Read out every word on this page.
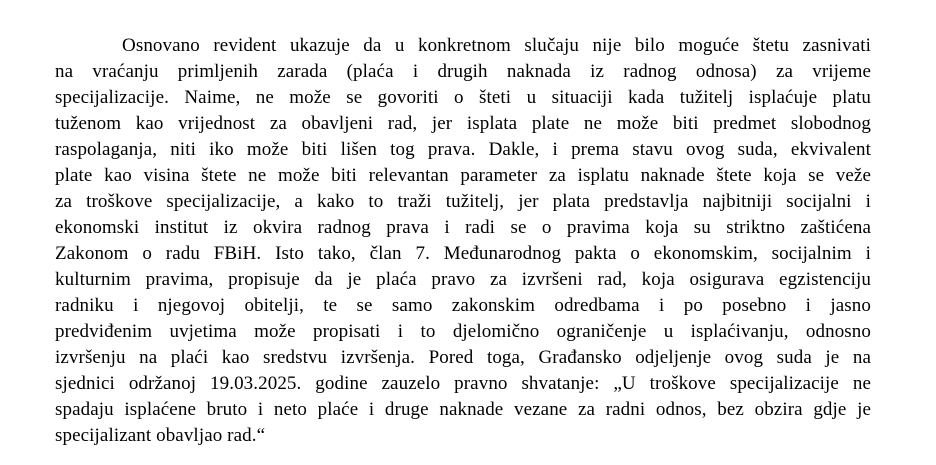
Osnovano revident ukazuje da u konkretnom slučaju nije bilo moguće štetu zasnivati
na vraćanju primljenih zarada (plaća i drugih naknada iz radnog odnosa) za vrijeme
specijalizacije. Naime, ne može se govoriti o šteti u situaciji kada tužitelj isplaćuje platu
tuženom kao vrijednost za obavljeni rad, jer isplata plate ne može biti predmet slobodnog
raspolaganja, niti iko može biti lišen tog prava. Dakle, i prema stavu ovog suda, ekvivalent
plate kao visina štete ne može biti relevantan parameter za isplatu naknade štete koja se veže
za troškove specijalizacije, a kako to traži tužitelj, jer plata predstavlja najbitniji socijalni i
ekonomski institut iz okvira radnog prava i radi se o pravima koja su striktno zaštićena
Zakonom o radu FBiH. Isto tako, član 7. Međunarodnog pakta o ekonomskim, socijalnim i
kulturnim pravima, propisuje da je plaća pravo za izvršeni rad, koja osigurava egzistenciju
radniku i njegovoj obitelji, te se samo zakonskim odredbama i po posebno i jasno
predviđenim uvjetima može propisati i to djelomično ograničenje u isplaćivanju, odnosno
izvršenju na plaći kao sredstvu izvršenja. Pored toga, Građansko odjeljenje ovog suda je na
sjednici održanoj 19.03.2025. godine zauzelo pravno shvatanje: „U troškove specijalizacije ne
spadaju isplaćene bruto i neto plaće i druge naknade vezane za radni odnos, bez obzira gdje je
specijalizant obavljao rad.“
